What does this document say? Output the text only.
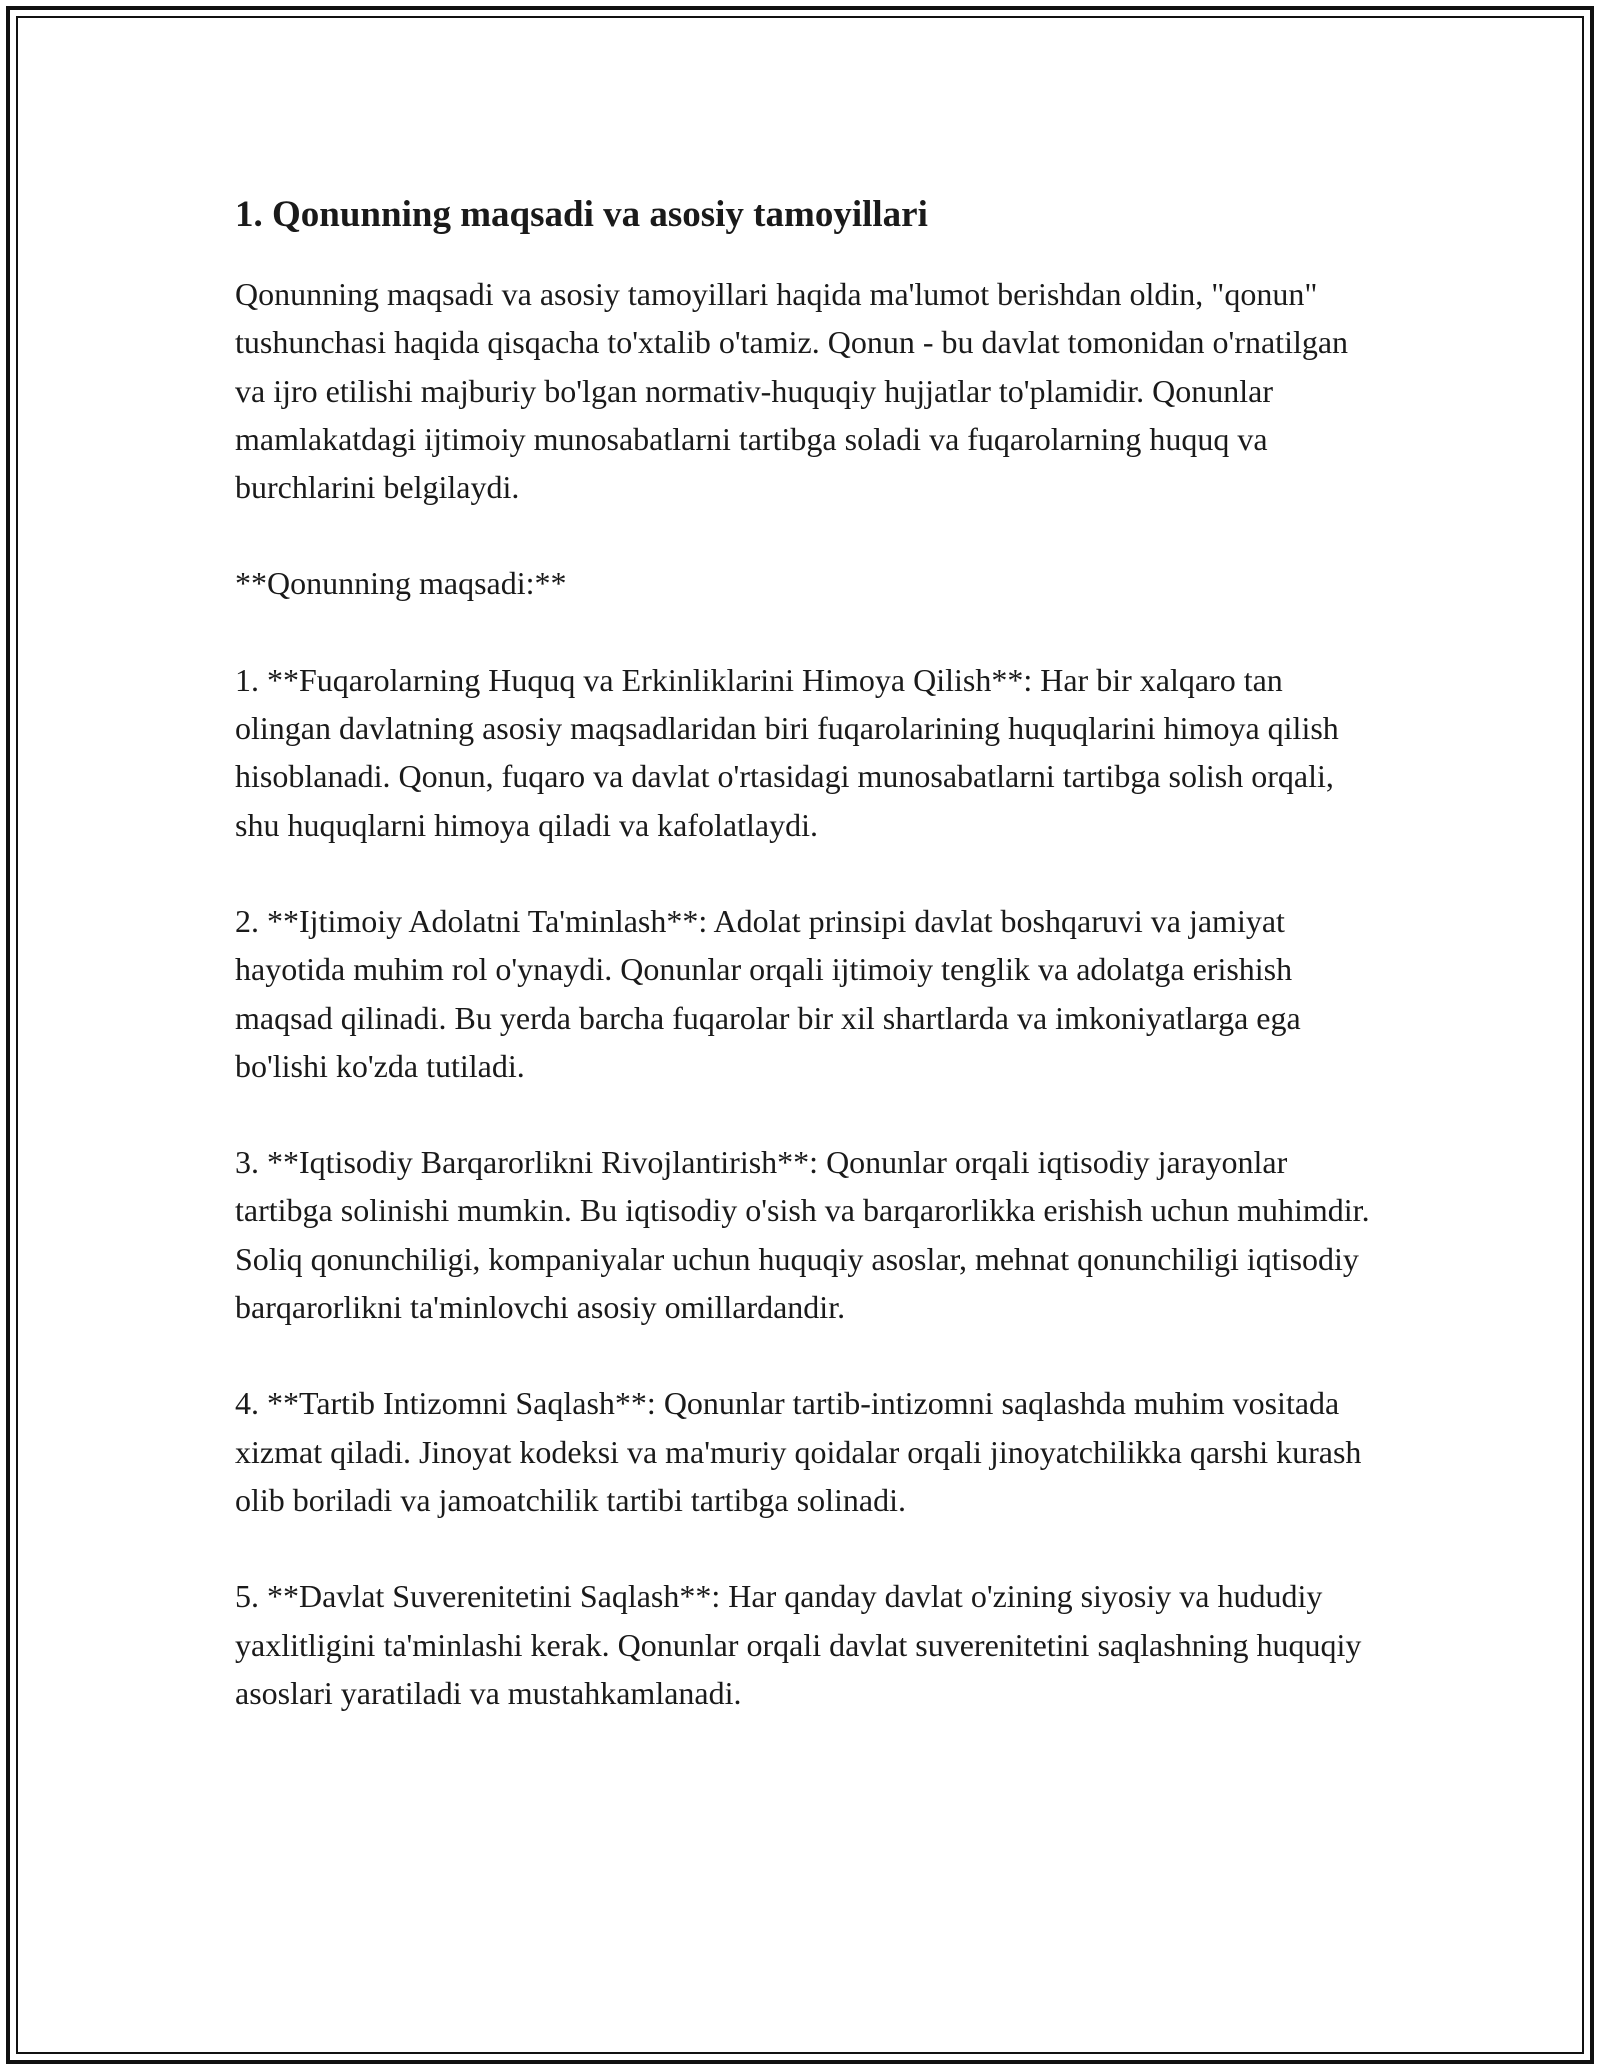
1. Qonunning maqsadi va asosiy tamoyillari

Qonunning maqsadi va asosiy tamoyillari haqida ma'lumot berishdan oldin, "qonun" tushunchasi haqida qisqacha to'xtalib o'tamiz. Qonun - bu davlat tomonidan o'rnatilgan va ijro etilishi majburiy bo'lgan normativ-huquqiy hujjatlar to'plamidir. Qonunlar mamlakatdagi ijtimoiy munosabatlarni tartibga soladi va fuqarolarning huquq va burchlarini belgilaydi.

**Qonunning maqsadi:**

1. **Fuqarolarning Huquq va Erkinliklarini Himoya Qilish**: Har bir xalqaro tan olingan davlatning asosiy maqsadlaridan biri fuqarolarining huquqlarini himoya qilish hisoblanadi. Qonun, fuqaro va davlat o'rtasidagi munosabatlarni tartibga solish orqali, shu huquqlarni himoya qiladi va kafolatlaydi.

2. **Ijtimoiy Adolatni Ta'minlash**: Adolat prinsipi davlat boshqaruvi va jamiyat hayotida muhim rol o'ynaydi. Qonunlar orqali ijtimoiy tenglik va adolatga erishish maqsad qilinadi. Bu yerda barcha fuqarolar bir xil shartlarda va imkoniyatlarga ega bo'lishi ko'zda tutiladi.

3. **Iqtisodiy Barqarorlikni Rivojlantirish**: Qonunlar orqali iqtisodiy jarayonlar tartibga solinishi mumkin. Bu iqtisodiy o'sish va barqarorlikka erishish uchun muhimdir. Soliq qonunchiligi, kompaniyalar uchun huquqiy asoslar, mehnat qonunchiligi iqtisodiy barqarorlikni ta'minlovchi asosiy omillardandir.

4. **Tartib Intizomni Saqlash**: Qonunlar tartib-intizomni saqlashda muhim vositada xizmat qiladi. Jinoyat kodeksi va ma'muriy qoidalar orqali jinoyatchilikka qarshi kurash olib boriladi va jamoatchilik tartibi tartibga solinadi.

5. **Davlat Suverenitetini Saqlash**: Har qanday davlat o'zining siyosiy va hududiy yaxlitligini ta'minlashi kerak. Qonunlar orqali davlat suverenitetini saqlashning huquqiy asoslari yaratiladi va mustahkamlanadi.
